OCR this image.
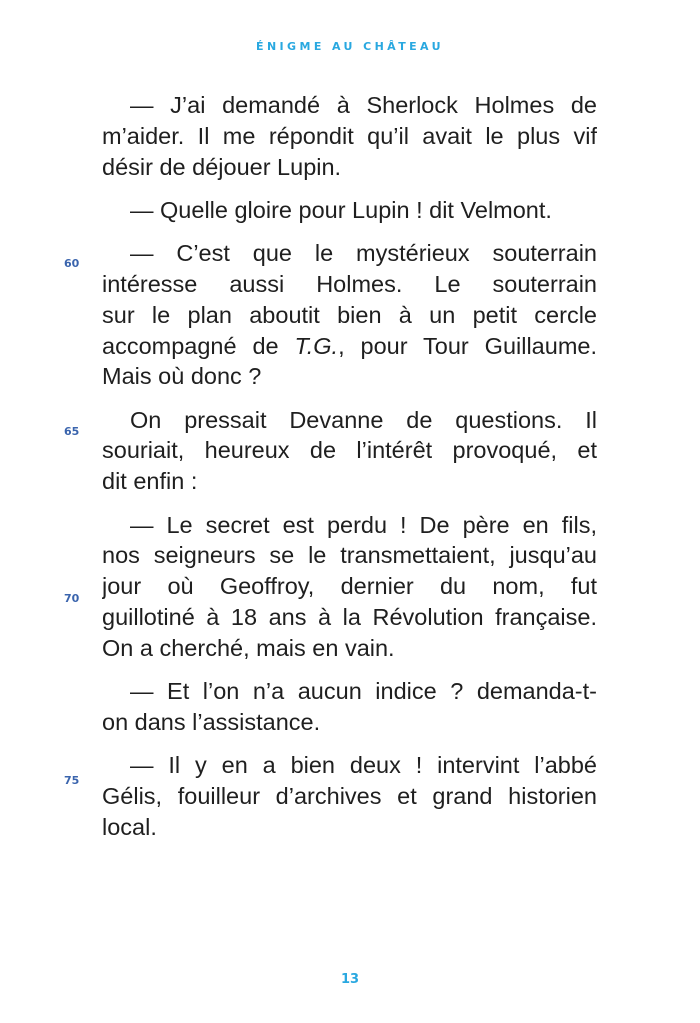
ÉNIGME AU CHÂTEAU
— J’ai demandé à Sherlock Holmes de
m’aider. Il me répondit qu’il avait le plus vif
désir de déjouer Lupin.
— Quelle gloire pour Lupin ! dit Velmont.
— C’est que le mystérieux souterrain
intéresse aussi Holmes. Le souterrain
sur le plan aboutit bien à un petit cercle
accompagné de T.G., pour Tour Guillaume.
Mais où donc ?
On pressait Devanne de questions. Il
souriait, heureux de l’intérêt provoqué, et
dit enfin :
— Le secret est perdu ! De père en fils,
nos seigneurs se le transmettaient, jusqu’au
jour où Geoffroy, dernier du nom, fut
guillotiné à 18 ans à la Révolution française.
On a cherché, mais en vain.
— Et l’on n’a aucun indice ? demanda-t-
on dans l’assistance.
— Il y en a bien deux ! intervint l’abbé
Gélis, fouilleur d’archives et grand historien
local.
60
65
70
75
13
